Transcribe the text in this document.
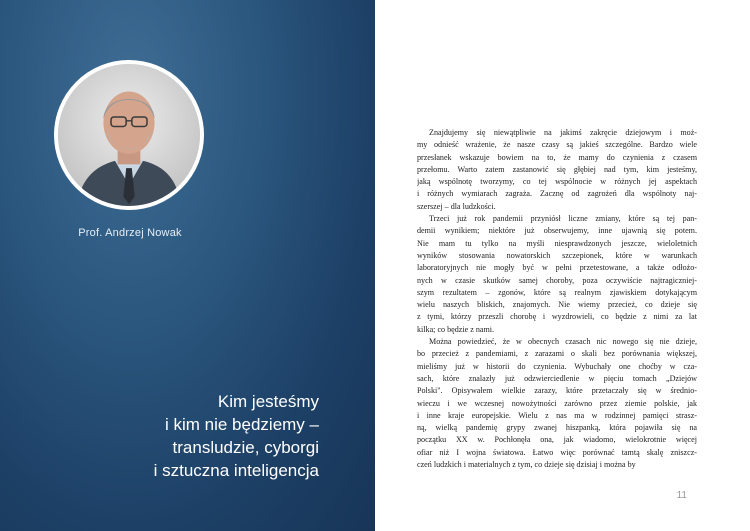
Prof. Andrzej Nowak
Kim jesteśmy
i kim nie będziemy –
transludzie, cyborgi
i sztuczna inteligencja
Znajdujemy się niewątpliwie na jakimś zakręcie dziejowym i moż-
my odnieść wrażenie, że nasze czasy są jakieś szczególne. Bardzo wiele
przesłanek wskazuje bowiem na to, że mamy do czynienia z czasem
przełomu. Warto zatem zastanowić się głębiej nad tym, kim jesteśmy,
jaką wspólnotę tworzymy, co tej wspólnocie w różnych jej aspektach
i różnych wymiarach zagraża. Zacznę od zagrożeń dla wspólnoty naj-
szerszej – dla ludzkości.
Trzeci już rok pandemii przyniósł liczne zmiany, które są tej pan-
demii wynikiem; niektóre już obserwujemy, inne ujawnią się potem.
Nie mam tu tylko na myśli niesprawdzonych jeszcze, wieloletnich
wyników stosowania nowatorskich szczepionek, które w warunkach
laboratoryjnych nie mogły być w pełni przetestowane, a także odłożo-
nych w czasie skutków samej choroby, poza oczywiście najtragiczniej-
szym rezultatem – zgonów, które są realnym zjawiskiem dotykającym
wielu naszych bliskich, znajomych. Nie wiemy przecież, co dzieje się
z tymi, którzy przeszli chorobę i wyzdrowieli, co będzie z nimi za lat
kilka; co będzie z nami.
Można powiedzieć, że w obecnych czasach nic nowego się nie dzieje,
bo przecież z pandemiami, z zarazami o skali bez porównania większej,
mieliśmy już w historii do czynienia. Wybuchały one choćby w cza-
sach, które znalazły już odzwierciedlenie w pięciu tomach „Dziejów
Polski". Opisywałem wielkie zarazy, które przetaczały się w średnio-
wieczu i we wczesnej nowożytności zarówno przez ziemie polskie, jak
i inne kraje europejskie. Wielu z nas ma w rodzinnej pamięci strasz-
ną, wielką pandemię grypy zwanej hiszpanką, która pojawiła się na
początku XX w. Pochłonęła ona, jak wiadomo, wielokrotnie więcej
ofiar niż I wojna światowa. Łatwo więc porównać tamtą skalę zniszcz-
czeń ludzkich i materialnych z tym, co dzieje się dzisiaj i można by
11
